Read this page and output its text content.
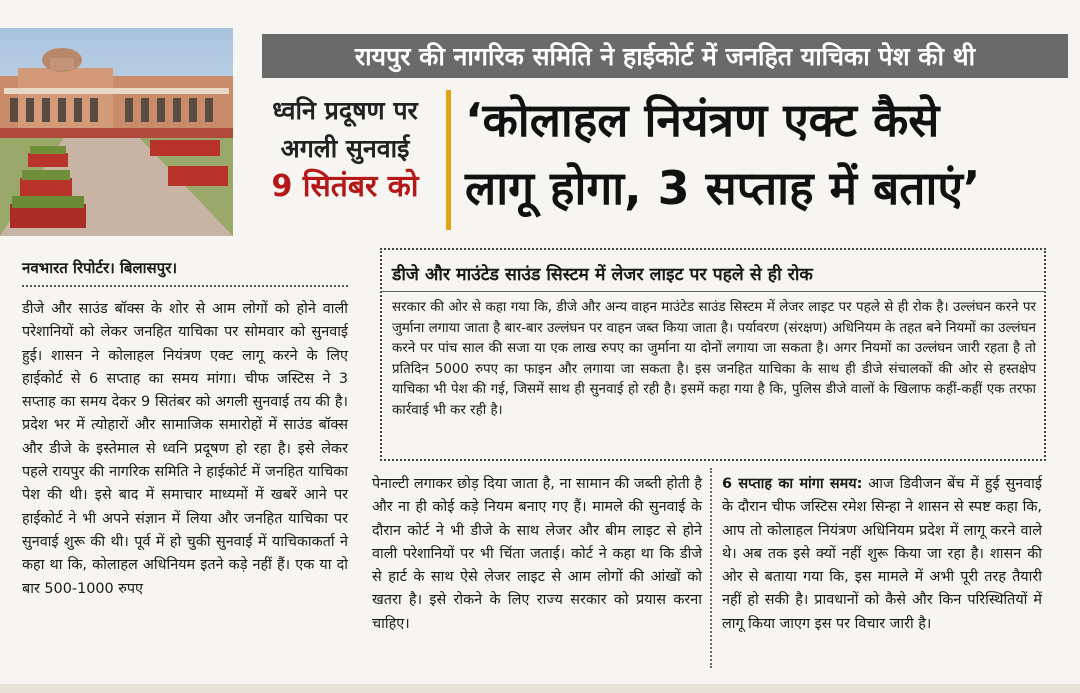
रायपुर की नागरिक समिति ने हाईकोर्ट में जनहित याचिका पेश की थी
ध्वनि प्रदूषण पर
अगली सुनवाई
9 सितंबर को
‘कोलाहल नियंत्रण एक्ट कैसे
लागू होगा, 3 सप्ताह में बताएं’
नवभारत रिपोर्टर। बिलासपुर।
डीजे और साउंड बॉक्स के शोर से आम लोगों को होने वाली परेशानियों को लेकर जनहित याचिका पर सोमवार को सुनवाई हुई। शासन ने कोलाहल नियंत्रण एक्ट लागू करने के लिए हाईकोर्ट से 6 सप्ताह का समय मांगा। चीफ जस्टिस ने 3 सप्ताह का समय देकर 9 सितंबर को अगली सुनवाई तय की है। प्रदेश भर में त्योहारों और सामाजिक समारोहों में साउंड बॉक्स और डीजे के इस्तेमाल से ध्वनि प्रदूषण हो रहा है। इसे लेकर पहले रायपुर की नागरिक समिति ने हाईकोर्ट में जनहित याचिका पेश की थी। इसे बाद में समाचार माध्यमों में खबरें आने पर हाईकोर्ट ने भी अपने संज्ञान में लिया और जनहित याचिका पर सुनवाई शुरू की थी। पूर्व में हो चुकी सुनवाई में याचिकाकर्ता ने कहा था कि, कोलाहल अधिनियम इतने कड़े नहीं हैं। एक या दो बार 500-1000 रुपए
डीजे और माउंटेड साउंड सिस्टम में लेजर लाइट पर पहले से ही रोक
सरकार की ओर से कहा गया कि, डीजे और अन्य वाहन माउंटेड साउंड सिस्टम में लेजर लाइट पर पहले से ही रोक है। उल्लंघन करने पर जुर्माना लगाया जाता है बार-बार उल्लंघन पर वाहन जब्त किया जाता है। पर्यावरण (संरक्षण) अधिनियम के तहत बने नियमों का उल्लंघन करने पर पांच साल की सजा या एक लाख रुपए का जुर्माना या दोनों लगाया जा सकता है। अगर नियमों का उल्लंघन जारी रहता है तो प्रतिदिन 5000 रुपए का फाइन और लगाया जा सकता है। इस जनहित याचिका के साथ ही डीजे संचालकों की ओर से हस्तक्षेप याचिका भी पेश की गई, जिसमें साथ ही सुनवाई हो रही है। इसमें कहा गया है कि, पुलिस डीजे वालों के खिलाफ कहीं-कहीं एक तरफा कार्रवाई भी कर रही है।
पेनाल्टी लगाकर छोड़ दिया जाता है, ना सामान की जब्ती होती है और ना ही कोई कड़े नियम बनाए गए हैं। मामले की सुनवाई के दौरान कोर्ट ने भी डीजे के साथ लेजर और बीम लाइट से होने वाली परेशानियों पर भी चिंता जताई। कोर्ट ने कहा था कि डीजे से हार्ट के साथ ऐसे लेजर लाइट से आम लोगों की आंखों को खतरा है। इसे रोकने के लिए राज्य सरकार को प्रयास करना चाहिए।
6 सप्ताह का मांगा समय: आज डिवीजन बेंच में हुई सुनवाई के दौरान चीफ जस्टिस रमेश सिन्हा ने शासन से स्पष्ट कहा कि, आप तो कोलाहल नियंत्रण अधिनियम प्रदेश में लागू करने वाले थे। अब तक इसे क्यों नहीं शुरू किया जा रहा है। शासन की ओर से बताया गया कि, इस मामले में अभी पूरी तरह तैयारी नहीं हो सकी है। प्रावधानों को कैसे और किन परिस्थितियों में लागू किया जाएग इस पर विचार जारी है।
